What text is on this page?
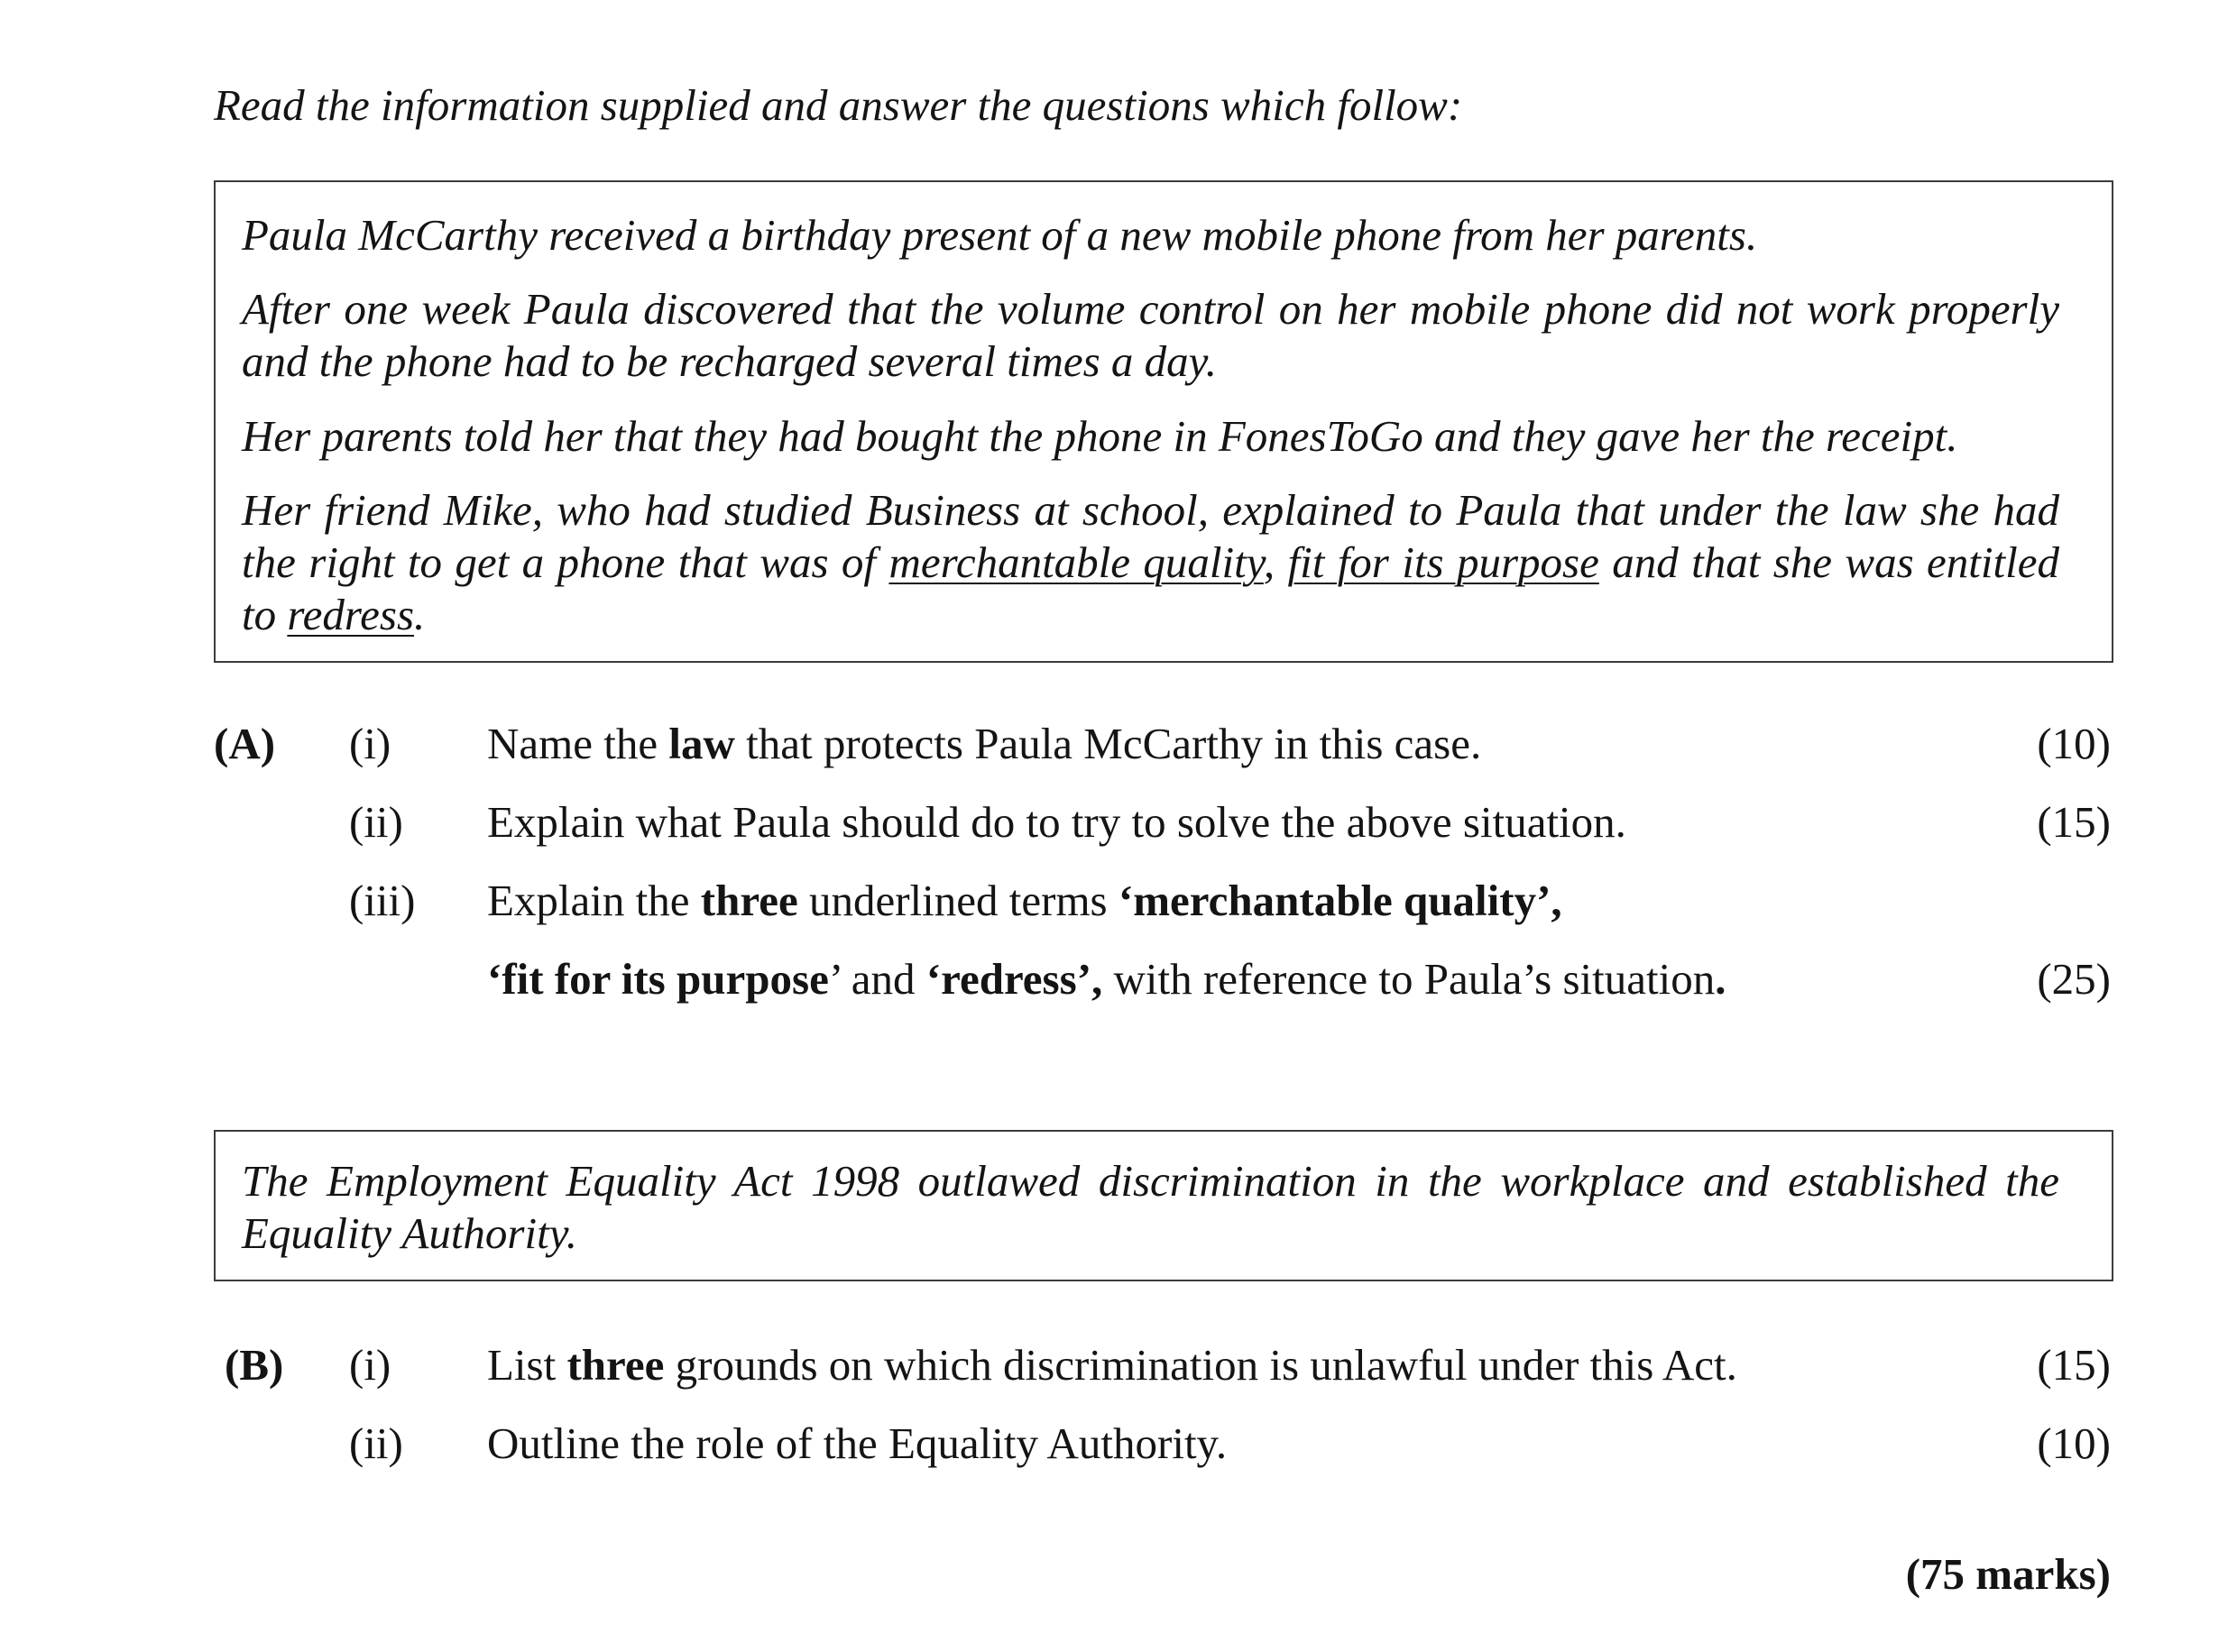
Read the information supplied and answer the questions which follow:
Paula McCarthy received a birthday present of a new mobile phone from her parents.
After one week Paula discovered that the volume control on her mobile phone did not work properly and the phone had to be recharged several times a day.
Her parents told her that they had bought the phone in FonesToGo and they gave her the receipt.
Her friend Mike, who had studied Business at school, explained to Paula that under the law she had the right to get a phone that was of merchantable quality, fit for its purpose and that she was entitled to redress.
(A) (i) Name the law that protects Paula McCarthy in this case.	(10)
(ii) Explain what Paula should do to try to solve the above situation.	(15)
(iii) Explain the three underlined terms ‘merchantable quality’,
‘fit for its purpose’ and ‘redress’, with reference to Paula’s situation.	(25)
The Employment Equality Act 1998 outlawed discrimination in the workplace and established the Equality Authority.
(B) (i) List three grounds on which discrimination is unlawful under this Act.	(15)
(ii) Outline the role of the Equality Authority.	(10)
(75 marks)
